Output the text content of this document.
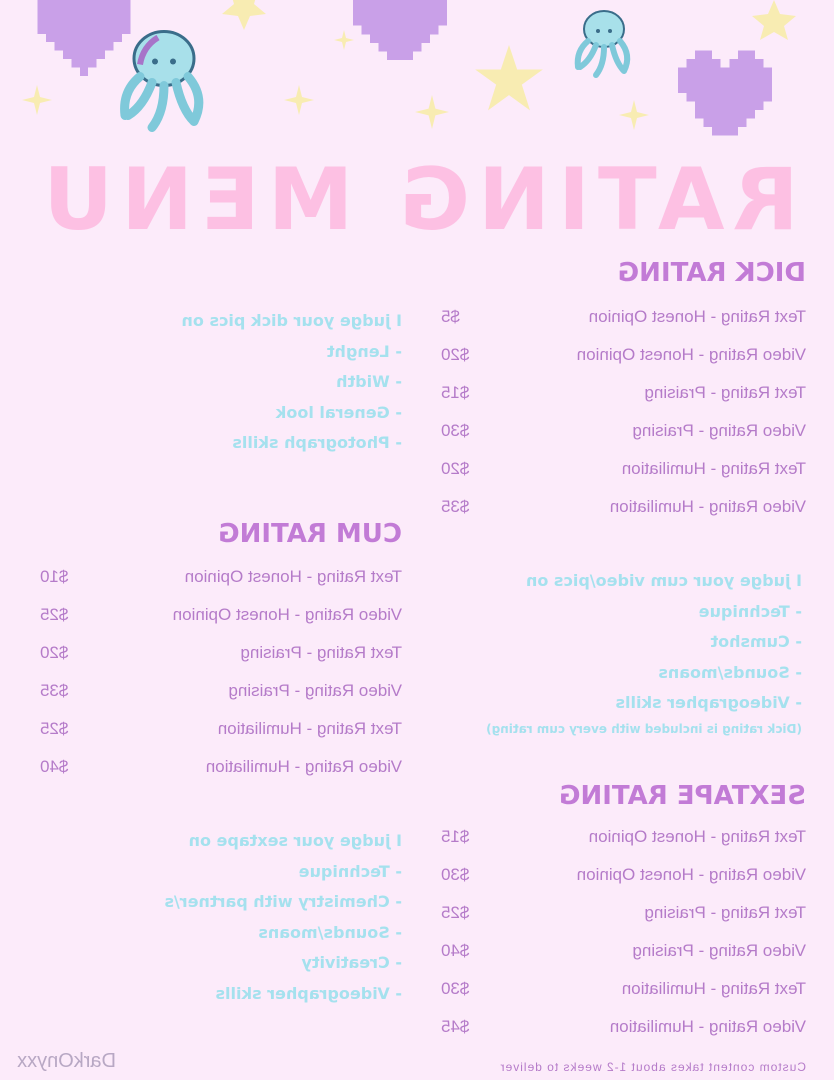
RATING MENU
DICK RATING
Text Rating - Honest Opinion
$5
Video Rating - Honest Opinion
$20
Text Rating - Praising
$15
Video Rating - Praising
$30
Text Rating - Humiliation
$20
Video Rating - Humiliation
$35
I judge your dick pics on
- Lenght
- Width
- General look
- Photograph skills
CUM RATING
Text Rating - Honest Opinion
$10
Video Rating - Honest Opinion
$25
Text Rating - Praising
$20
Video Rating - Praising
$35
Text Rating - Humiliation
$25
Video Rating - Humiliation
$40
I judge your cum video/pics on
- Technique
- Cumshot
- Sounds/moans
- Videographer skills
(Dick rating is included with every cum rating)
SEXTAPE RATING
Text Rating - Honest Opinion
$15
Video Rating - Honest Opinion
$30
Text Rating - Praising
$25
Video Rating - Praising
$40
Text Rating - Humiliation
$30
Video Rating - Humiliation
$45
I judge your sextape on
- Technique
- Chemistry with partner/s
- Sounds/moans
- Creativity
- Videographer skills
Custom content takes about 1-2 weeks to deliver
DarkOnyxx
